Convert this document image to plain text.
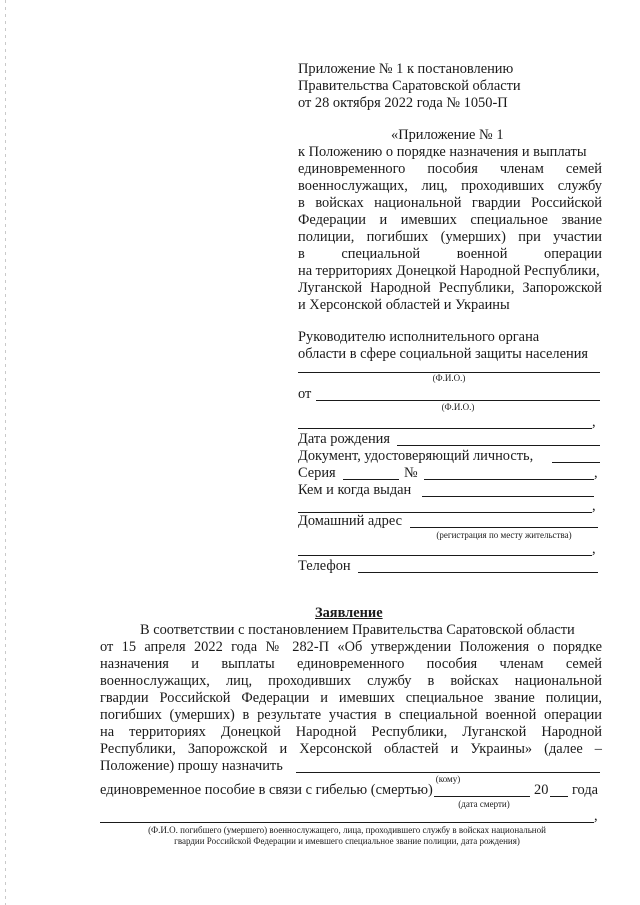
Приложение № 1 к постановлению
Правительства Саратовской области
от 28 октября 2022 года № 1050-П
«Приложение № 1
к Положению о порядке назначения и выплаты
единовременного пособия членам семей
военнослужащих, лиц, проходивших службу
в войсках национальной гвардии Российской
Федерации и имевших специальное звание
полиции, погибших (умерших) при участии
в специальной военной операции
на территориях Донецкой Народной Республики,
Луганской Народной Республики, Запорожской
и Херсонской областей и Украины
Руководителю исполнительного органа
области в сфере социальной защиты населения
(Ф.И.О.)
от
(Ф.И.О.)
,
Дата рождения
Документ, удостоверяющий личность,
Серия	№	,
Кем и когда выдан
,
Домашний адрес
(регистрация по месту жительства)
,
Телефон
Заявление
В соответствии с постановлением Правительства Саратовской области
от 15 апреля 2022 года № 282-П «Об утверждении Положения о порядке
назначения и выплаты единовременного пособия членам семей
военнослужащих, лиц, проходивших службу в войсках национальной
гвардии Российской Федерации и имевших специальное звание полиции,
погибших (умерших) в результате участия в специальной военной операции
на территориях Донецкой Народной Республики, Луганской Народной
Республики, Запорожской и Херсонской областей и Украины» (далее –
Положение) прошу назначить
(кому)
единовременное пособие в связи с гибелью (смертью)	20 года
(дата смерти)
,
(Ф.И.О. погибшего (умершего) военнослужащего, лица, проходившего службу в войсках национальной
гвардии Российской Федерации и имевшего специальное звание полиции, дата рождения)
